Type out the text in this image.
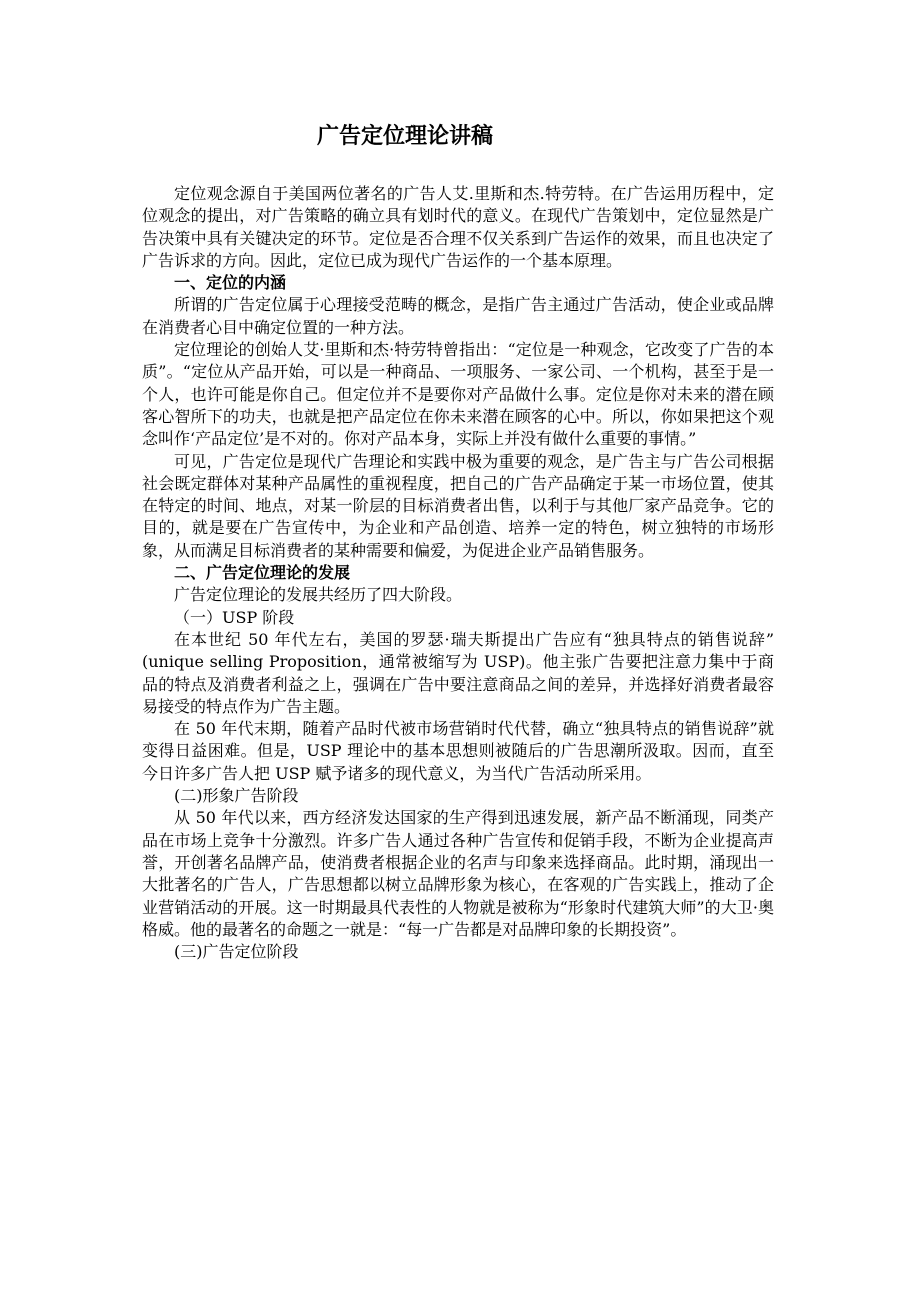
广告定位理论讲稿

定位观念源自于美国两位著名的广告人艾.里斯和杰.特劳特。在广告运用历程中，定位观念的提出，对广告策略的确立具有划时代的意义。在现代广告策划中，定位显然是广告决策中具有关键决定的环节。定位是否合理不仅关系到广告运作的效果，而且也决定了广告诉求的方向。因此，定位已成为现代广告运作的一个基本原理。

一、定位的内涵

所谓的广告定位属于心理接受范畴的概念，是指广告主通过广告活动，使企业或品牌在消费者心目中确定位置的一种方法。

定位理论的创始人艾·里斯和杰·特劳特曾指出：“定位是一种观念，它改变了广告的本质”。“定位从产品开始，可以是一种商品、一项服务、一家公司、一个机构，甚至于是一个人，也许可能是你自己。但定位并不是要你对产品做什么事。定位是你对未来的潜在顾客心智所下的功夫，也就是把产品定位在你未来潜在顾客的心中。所以，你如果把这个观念叫作‘产品定位’是不对的。你对产品本身，实际上并没有做什么重要的事情。”

可见，广告定位是现代广告理论和实践中极为重要的观念，是广告主与广告公司根据社会既定群体对某种产品属性的重视程度，把自己的广告产品确定于某一市场位置，使其在特定的时间、地点，对某一阶层的目标消费者出售，以利于与其他厂家产品竞争。它的目的，就是要在广告宣传中，为企业和产品创造、培养一定的特色，树立独特的市场形象，从而满足目标消费者的某种需要和偏爱，为促进企业产品销售服务。

二、广告定位理论的发展

广告定位理论的发展共经历了四大阶段。

（一）USP 阶段

在本世纪 50 年代左右，美国的罗瑟·瑞夫斯提出广告应有“独具特点的销售说辞” (unique selling Proposition，通常被缩写为 USP)。他主张广告要把注意力集中于商品的特点及消费者利益之上，强调在广告中要注意商品之间的差异，并选择好消费者最容易接受的特点作为广告主题。

在 50 年代末期，随着产品时代被市场营销时代代替，确立“独具特点的销售说辞”就变得日益困难。但是，USP 理论中的基本思想则被随后的广告思潮所汲取。因而，直至今日许多广告人把 USP 赋予诸多的现代意义，为当代广告活动所采用。

(二)形象广告阶段

从 50 年代以来，西方经济发达国家的生产得到迅速发展，新产品不断涌现，同类产品在市场上竞争十分激烈。许多广告人通过各种广告宣传和促销手段，不断为企业提高声誉，开创著名品牌产品，使消费者根据企业的名声与印象来选择商品。此时期，涌现出一大批著名的广告人，广告思想都以树立品牌形象为核心，在客观的广告实践上，推动了企业营销活动的开展。这一时期最具代表性的人物就是被称为“形象时代建筑大师”的大卫·奥格威。他的最著名的命题之一就是：“每一广告都是对品牌印象的长期投资”。

(三)广告定位阶段
